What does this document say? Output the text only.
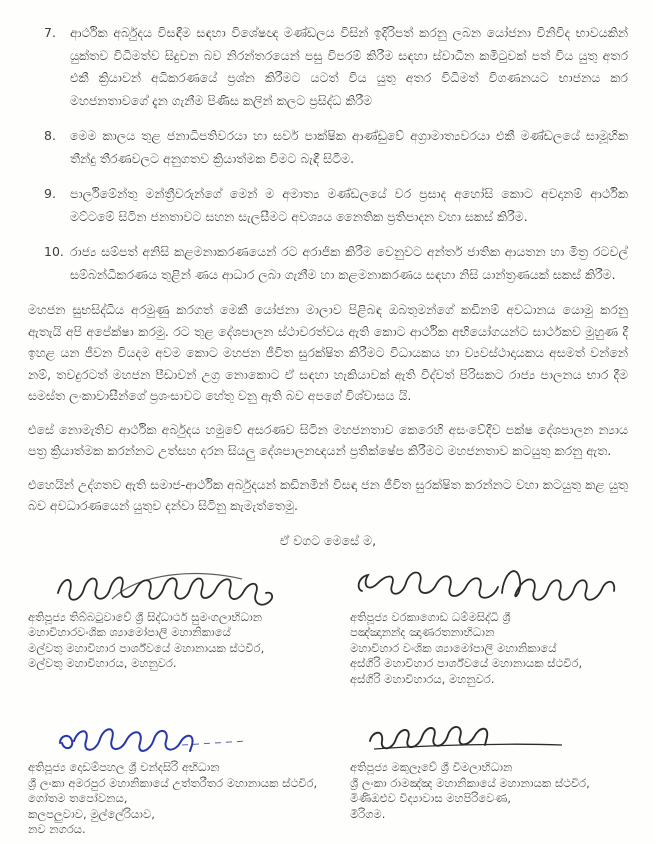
7.	ආර්ථික අර්බුදය විසඳීම සඳහා විශේෂඥ මණ්ඩලය විසින් ඉදිරිපත් කරනු ලබන යෝජනා විනිවිද භාවයකින් යුක්තව විධිමත්ව සිදුවන බව නිරන්තරයෙන් පසු විපරම් කිරීම සඳහා ස්වාධීන කමිටුවක් පත් විය යුතු අතර එකී ක්‍රියාවන් අධිකරණයේ ප්‍රශ්න කිරීමට යටත් විය යුතු අතර විධිමත් විගණනයට භාජනය කර මහජනතාවගේ දැන ගැනීම පිණිස කලින් කලට ප්‍රසිද්ධ කිරීම
8.	මෙම කාලය තුළ ජනාධිපතිවරයා හා සර්ව පාක්ෂික ආණ්ඩුවේ අග්‍රාමාත්‍යවරයා එකී මණ්ඩලයේ සාමූහික තීන්දු තීරණවලට අනුගතව ක්‍රියාත්මක විමට බැඳී සිටීම.
9.	පාර්ලිමේන්තු මන්ත්‍රීවරුන්ගේ මෙන් ම අමාත්‍ය මණ්ඩලයේ වර ප්‍රසාද අහෝසි කොට අවදානම් ආර්ථික මට්ටමේ සිටින ජනතාවට සහන සැලසීමට අවශ්‍යය නෛතික ප්‍රතිපාදන වහා සකස් කිරීම.
10. රාජ්‍ය සම්පත් අනිසි කළමනාකරණයෙන් රට අරාජික කිරීම වෙනුවට අන්තර් ජාතික ආයතන හා මිත්‍ර රටවල් සම්බන්ධීකරණය තුළින් ණය ආධාර ලබා ගැනීම හා කළමනාකරණය සඳහා නිසි යාන්ත්‍රණයක් සකස් කිරීම.

මහජන සුභසිද්ධිය අරමුණු කරගත් මෙකී යෝජනා මාලාව පිළිබඳ ඔබතුමන්ගේ කඩිනම් අවධානය යොමු කරනු ඇතැයි අපි අපේක්ෂා කරමු. රට තුළ දේශපාලන ස්ථාවරත්වය ඇති කොට ආර්ථික අභියෝගයන්ට සාර්ථකව මුහුණ දී ඉහළ යන ජීවන වියදම අවම කොට මහජන ජීවිත සුරක්ෂිත කිරීමට විධායකය හා ව්‍යවස්ථාදායකය අසමත් වන්නේ නම්, තවදුරටත් මහජන පීඩාවන් උග්‍ර නොකොට ඒ සඳහා හැකියාවක් ඇති විද්වත් පිරිසකට රාජ්‍ය පාලනය භාර දීම සමස්ත ලංකාවාසීන්ගේ ප්‍රශංසාවට හේතු වනු ඇති බව අපගේ විශ්වාසය යි.

එසේ නොමැතිව ආර්ථික අර්බුදය හමුවේ අසරණව සිටින මහජනතාව කෙරෙහි අසංවේදීව පක්ෂ දේශපාලන න්‍යාය පත්‍ර ක්‍රියාත්මක කරන්නට උත්සහ දරන සියලු දේශපාලනඥයන් ප්‍රතික්ෂේප කිරීමට මහජනතාව කටයුතු කරනු ඇත.

එහෙයින් උද්ගතව ඇති සමාජ-ආර්ථික අර්බුදයන් කඩිනමින් විසඳා ජන ජීවිත සුරක්ෂිත කරන්නට වහා කටයුතු කළ යුතු බව අවධාරණයෙන් යුතුව දන්වා සිටිනු කැමැත්තෙමු.

ඒ වගට මෙසේ ම,
අතිපූජ්‍ය තිබ්බටුවාවේ ශ්‍රී සිද්ධාර්ථ සුමංගලාභිධාන
මහාවිහාරවංශික ශ්‍යාමෝපාලි මහානිකායේ
මල්වතු මහාවිහාර පාර්ශ්වයේ මහානායක ස්ථවිර,
මල්වතු මහාවිහාරය, මහනුවර.
අතිපූජ්‍ය වරකාගොඩ ධම්මසිද්ධි ශ්‍රී
පඤ්ඤානන්ද ඤාණරතනාභිධාන
මහාවිහාර වංශික ශ්‍යාමෝපාලි මහානිකායේ
අස්ගිරි මහාවිහාර පාර්ශ්වයේ මහානායක ස්ථවිර,
අස්ගිරි මහාවිහාරය, මහනුවර.
අතිපූජ්‍ය දොඩම්පහල ශ්‍රී චන්දසිරි අභිධාන
ශ්‍රී ලංකා අමරපුර මහානිකායේ උත්තරීතර මහානායක ස්ථවිර,
ගෝතම තපෝවනය,
කලපලුවාව, මුල්ලේරියාව,
නව නගරය.
අතිපූජ්‍ය මකුලෑවේ ශ්‍රී විමලාභිධාන
ශ්‍රී ලංකා රාමඤ්ඤ මහානිකායේ මහානායක ස්ථවිර,
මිණිඔළුව විද්‍යාවාස මහපිරිවෙණ,
මීරිගම.
